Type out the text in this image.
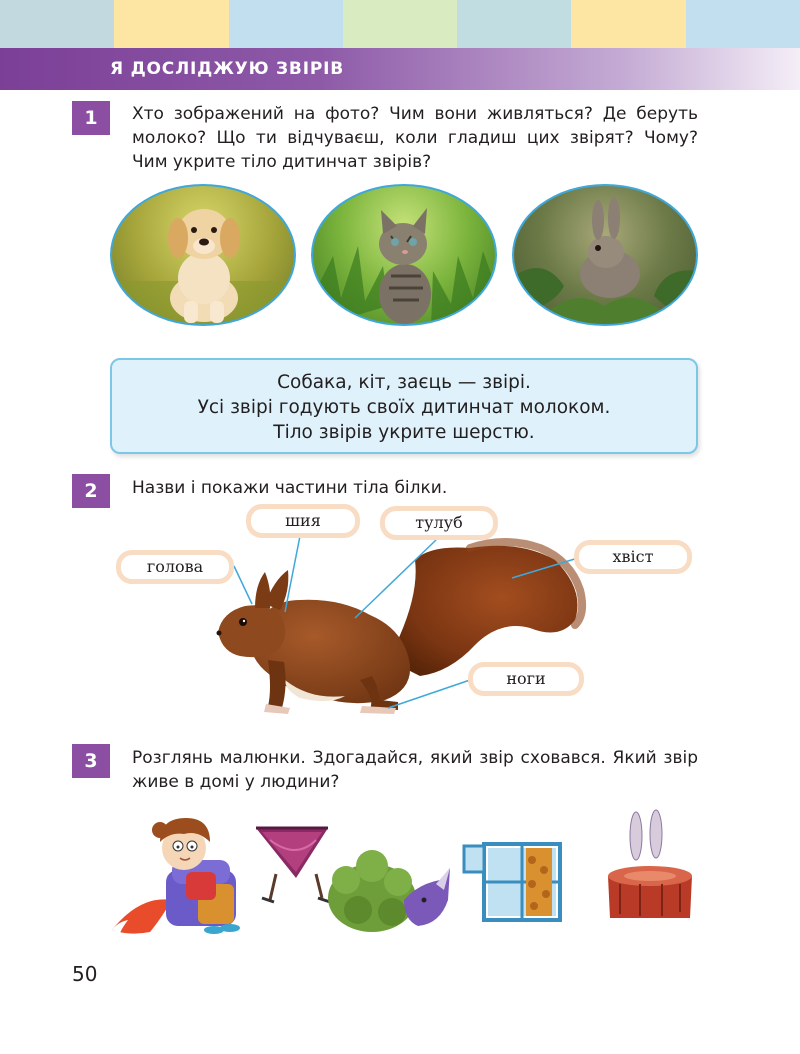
Я ДОСЛІДЖУЮ ЗВІРІВ
1	Хто зображений на фото? Чим вони живляться? Де беруть молоко? Що ти відчуваєш, коли гладиш цих звірят? Чому? Чим укрите тіло дитинчат звірів?
Собака, кіт, заєць — звірі.
Усі звірі годують своїх дитинчат молоком.
Тіло звірів укрите шерстю.
2	Назви і покажи частини тіла білки.
голова
шия	тулуб
хвіст
ноги
3	Розглянь малюнки. Здогадайся, який звір сховався. Який звір живе в домі у людини?
50
